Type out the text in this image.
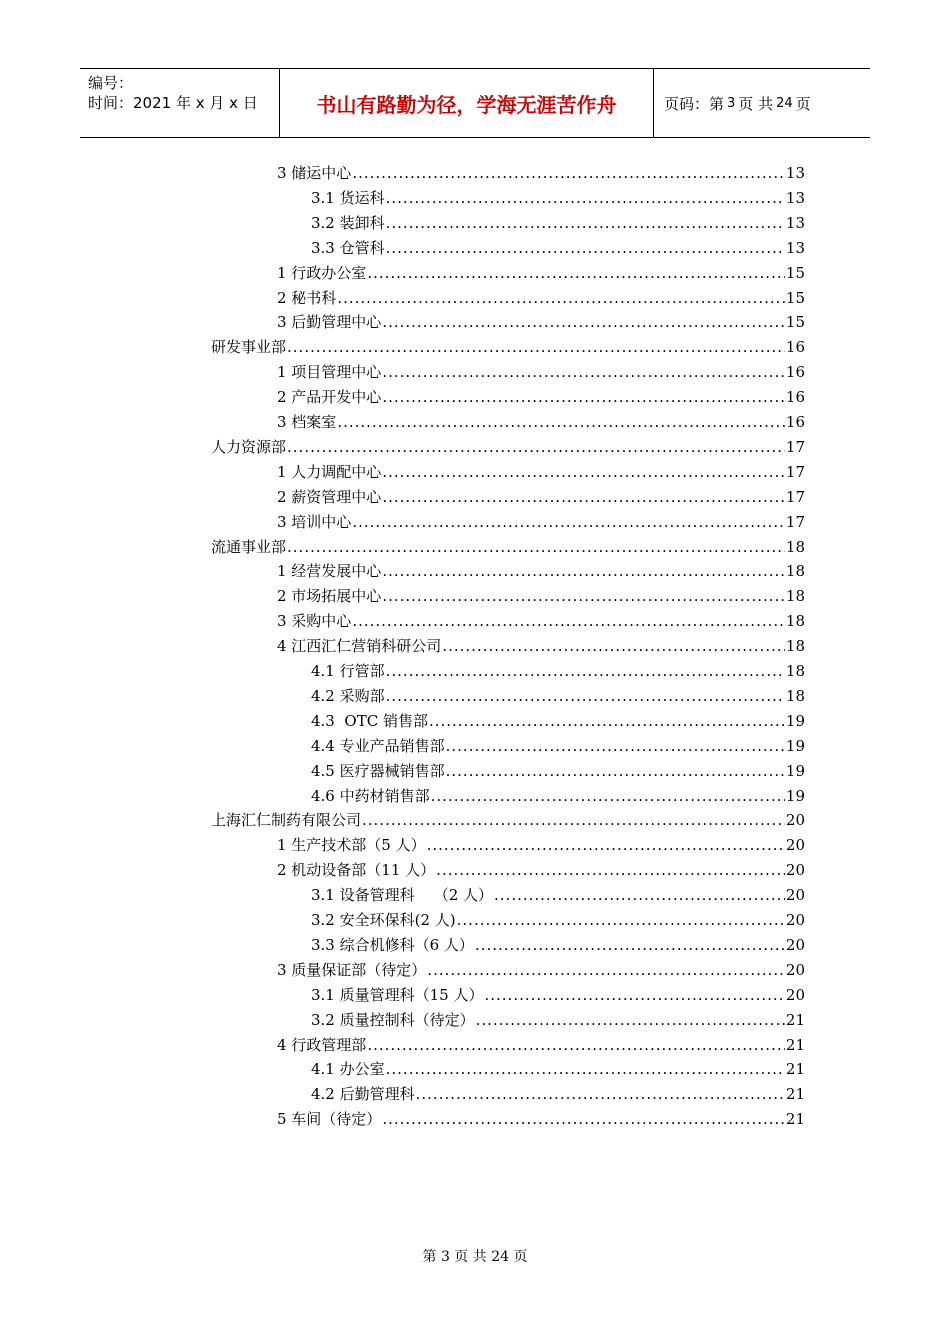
编号：
时间：2021 年 x 月 x 日	书山有路勤为径，学海无涯苦作舟	页码：第 3 页 共 24 页
3 储运中心 .....	13
3.1 货运科 .....	13
3.2 装卸科 .....	13
3.3 仓管科 .....	13
1 行政办公室 .....	15
2 秘书科 .....	15
3 后勤管理中心 .....	15
研发事业部 .....	16
1 项目管理中心 .....	16
2 产品开发中心 .....	16
3 档案室 .....	16
人力资源部 .....	17
1 人力调配中心 .....	17
2 薪资管理中心 .....	17
3 培训中心 .....	17
流通事业部 .....	18
1 经营发展中心 .....	18
2 市场拓展中心 .....	18
3 采购中心 .....	18
4 江西汇仁营销科研公司 .....	18
4.1 行管部 .....	18
4.2 采购部 .....	18
4.3  OTC 销售部 .....	19
4.4 专业产品销售部 .....	19
4.5 医疗器械销售部 .....	19
4.6 中药材销售部 .....	19
上海汇仁制药有限公司 .....	20
1 生产技术部（5 人） .....	20
2 机动设备部（11 人） .....	20
3.1 设备管理科    （2 人） .....	20
3.2 安全环保科(2 人) .....	20
3.3 综合机修科（6 人） .....	20
3 质量保证部（待定） .....	20
3.1 质量管理科（15 人） .....	20
3.2 质量控制科（待定） .....	21
4 行政管理部 .....	21
4.1 办公室 .....	21
4.2 后勤管理科 .....	21
5 车间（待定） .....	21
第 3 页 共 24 页
